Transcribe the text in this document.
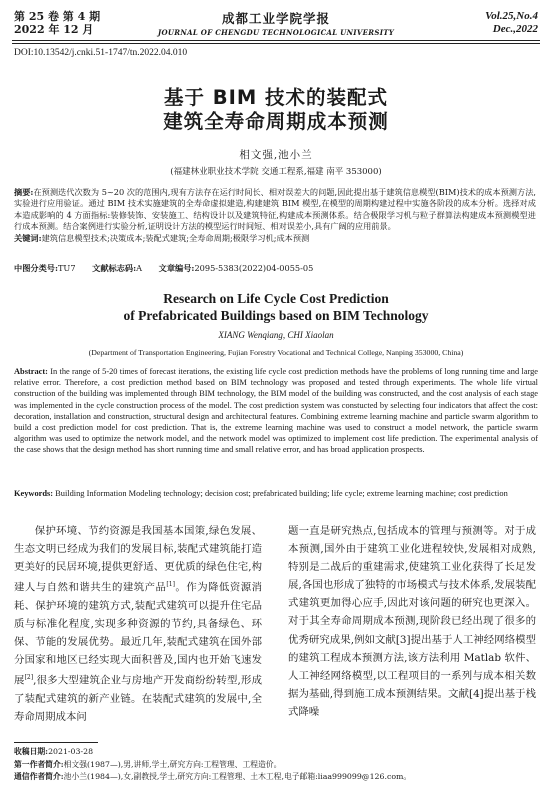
第 25 卷 第 4 期
2022 年 12 月
成都工业学院学报
JOURNAL OF CHENGDU TECHNOLOGICAL UNIVERSITY
Vol.25,No.4
Dec.,2022
DOI:10.13542/j.cnki.51-1747/tn.2022.04.010
基于 BIM 技术的装配式
建筑全寿命周期成本预测
相文强,池小兰
(福建林业职业技术学院 交通工程系,福建 南平 353000)
摘要:在预测迭代次数为 5~20 次的范围内,现有方法存在运行时间长、相对误差大的问题,因此提出基于建筑信息模型(BIM)技术的成本预测方法,实验进行应用验证。通过 BIM 技术实施建筑的全寿命虚拟建造,构建建筑 BIM 模型,在模型的周期构建过程中实施各阶段的成本分析。选择对成本造成影响的 4 方面指标:装修装饰、安装施工、结构设计以及建筑特征,构建成本预测体系。结合极限学习机与粒子群算法构建成本预测模型进行成本预测。结合案例进行实验分析,证明设计方法的模型运行时间短、相对误差小,具有广阔的应用前景。
关键词:建筑信息模型技术;决策成本;装配式建筑;全寿命周期;极限学习机;成本预测
中图分类号:TU7 文献标志码:A 文章编号:2095-5383(2022)04-0055-05
Research on Life Cycle Cost Prediction
of Prefabricated Buildings based on BIM Technology
XIANG Wenqiang, CHI Xiaolan
(Department of Transportation Engineering, Fujian Forestry Vocational and Technical College, Nanping 353000, China)
Abstract: In the range of 5-20 times of forecast iterations, the existing life cycle cost prediction methods have the problems of long running time and large relative error. Therefore, a cost prediction method based on BIM technology was proposed and tested through experiments. The whole life virtual construction of the building was implemented through BIM technology, the BIM model of the building was constructed, and the cost analysis of each stage was implemented in the cycle construction process of the model. The cost prediction system was constucted by selecting four indicators that affect the cost: decoration, installation and construction, structural design and architectural features. Combining extreme learning machine and particle swarm algorithm to build a cost prediction model for cost prediction. That is, the extreme learning machine was used to construct a model network, the particle swarm algorithm was used to optimize the network model, and the network model was optimized to implement cost life prediction. The experimental analysis of the case shows that the design method has short running time and small relative error, and has broad application prospects.
Keywords: Building Information Modeling technology; decision cost; prefabricated building; life cycle; extreme learning machine; cost prediction

保护环境、节约资源是我国基本国策,绿色发展、生态文明已经成为我们的发展目标,装配式建筑能打造更美好的民居环境,提供更舒适、更优质的绿色住宅,构建人与自然和谐共生的建筑产品[1]。作为降低资源消耗、保护环境的建筑方式,装配式建筑可以提升住宅品质与标准化程度,实现多种资源的节约,具备绿色、环保、节能的发展优势。最近几年,装配式建筑在国外部分国家和地区已经实现大面积普及,国内也开始飞速发展[2],很多大型建筑企业与房地产开发商纷纷转型,形成了装配式建筑的新产业链。在装配式建筑的发展中,全寿命周期成本问

题一直是研究热点,包括成本的管理与预测等。对于成本预测,国外由于建筑工业化进程较快,发展相对成熟,特别是二战后的重建需求,使建筑工业化获得了长足发展,各国也形成了独特的市场模式与技术体系,发展装配式建筑更加得心应手,因此对该问题的研究也更深入。对于其全寿命周期成本预测,现阶段已经出现了很多的优秀研究成果,例如文献[3]提出基于人工神经网络模型的建筑工程成本预测方法,该方法利用 Matlab 软件、人工神经网络模型,以工程项目的一系列与成本相关数据为基础,得到施工成本预测结果。文献[4]提出基于栈式降噪

收稿日期:2021-03-28
第一作者简介:相文强(1987—),男,讲师,学士,研究方向:工程管理、工程造价。
通信作者简介:池小兰(1984—),女,副教授,学士,研究方向:工程管理、土木工程,电子邮箱:liaa999099@126.com。
